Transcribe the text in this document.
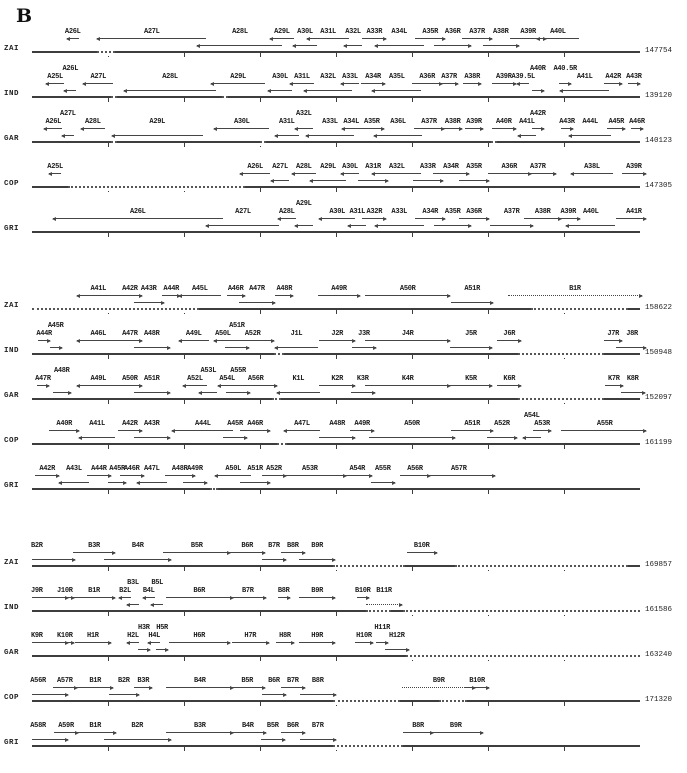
B
ZAI
A26L	A27L	A28L	A29L A30L A31L A32L A33R A34L A35R A36R A37R A38R A39R A40L
147754
IND
A25L
A26L
A27L	A28L	A29L	A30L A31L A32L A33L A34R A35L A36R A37R A38R A39R A39.5L
A40R A40.5R
A41L A42R A43R
139120
GAR
A26L
A27L
A28L	A29L	A30L	A31L
A32L
A33L A34L A35R A36L A37R A38R A39R A40R A41L
A42R
A43R A44L A45R A46R
140123
COP
A25L	A26L A27L A28L A29L A30L A31R A32L A33R A34R A35R	A36R A37R	A38L	A39R
147305
GRI
A26L	A27L	A28L
A29L
A30L A31L A32R A33L A34R A35R A36R	A37R A38R A39R A40L	A41R
ZAI
A41L A42R A43R A44R A45L	A46R A47R A48R	A49R	A50R	A51R	B1R
158622
IND
A44R
A45R
A46L A47R A48R	A49L A50L
A51R
A52R	J1L	J2R J3R	J4R	J5R	J6R	J7R J8R
150948
GAR
A47R
A48R
A49L A50R A51R	A52L
A53L
A54L
A55R
A56R	K1L	K2R K3R	K4R	K5R	K6R	K7R K8R
152097
COP
A40R A41L A42R A43R	A44L A45R A46R	A47L	A48R A49R	A50R	A51R A52R
A54L
A53R	A55R
161199
GRI
A42R A43L A44R A45R
A46R A47L A48R A49R	A50L A51R A52R	A53R	A54R A55R A56R	A57R
ZAI
B2R	B3R	B4R	B5R	B6R B7R B8R B9R	B10R
169857
IND
J9R J10R B1R	B2L
B3L
B4L
B5L
B6R	B7R	B8R	B9R	B10R B11R
161586
GAR
K9R K10R H1R	H2L
H3R
H4L
H5R
H6R	H7R	H8R	H9R	H10R
H11R
H12R
163240
COP
A56R A57R B1R B2R B3R	B4R	B5R B6R B7R B8R	B9R	B10R
171320
GRI
A58R A59R B1R	B2R	B3R	B4R B5R B6R B7R	B8R	B9R
